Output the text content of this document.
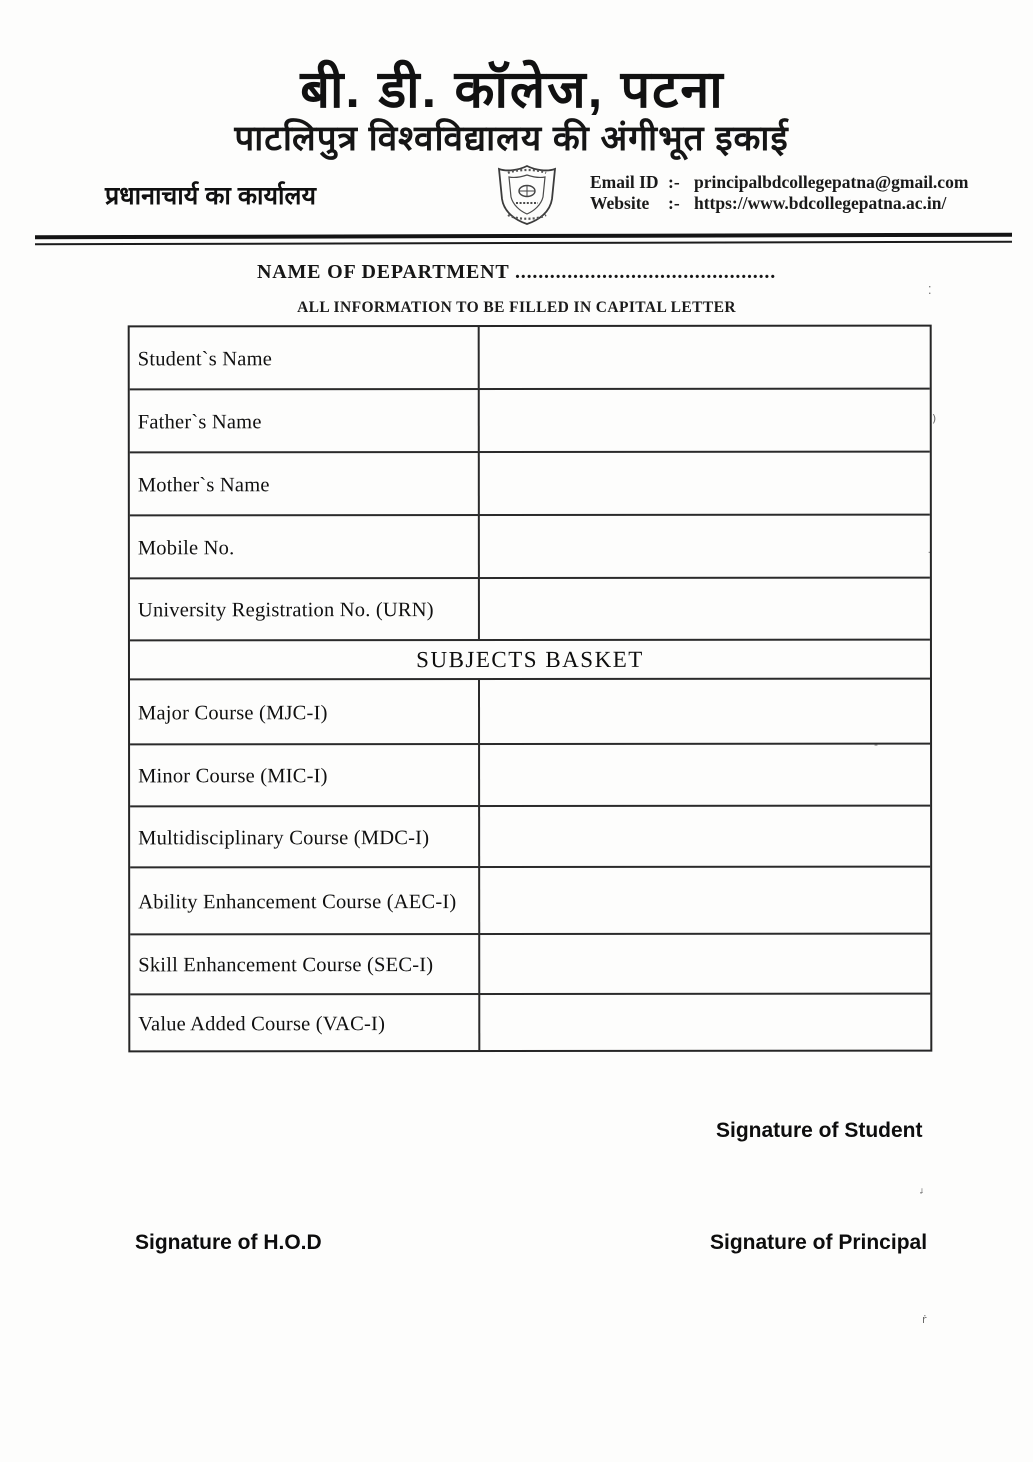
बी. डी. कॉलेज, पटना
पाटलिपुत्र विश्वविद्यालय की अंगीभूत इकाई
प्रधानाचार्य का कार्यालय	Email ID :- principalbdcollegepatna@gmail.com
Website	:- https://www.bdcollegepatna.ac.in/
NAME OF DEPARTMENT .............................................
ALL INFORMATION TO BE FILLED IN CAPITAL LETTER
Student`s Name
Father`s Name
Mother`s Name
Mobile No.
University Registration No. (URN)
SUBJECTS BASKET
Major Course (MJC-I)
Minor Course (MIC-I)
Multidisciplinary Course (MDC-I)
Ability Enhancement Course (AEC-I)
Skill Enhancement Course (SEC-I)
Value Added Course (VAC-I)
Signature of Student
Signature of H.O.D	Signature of Principal
⁚
)
-
ᶨ
ṙ
